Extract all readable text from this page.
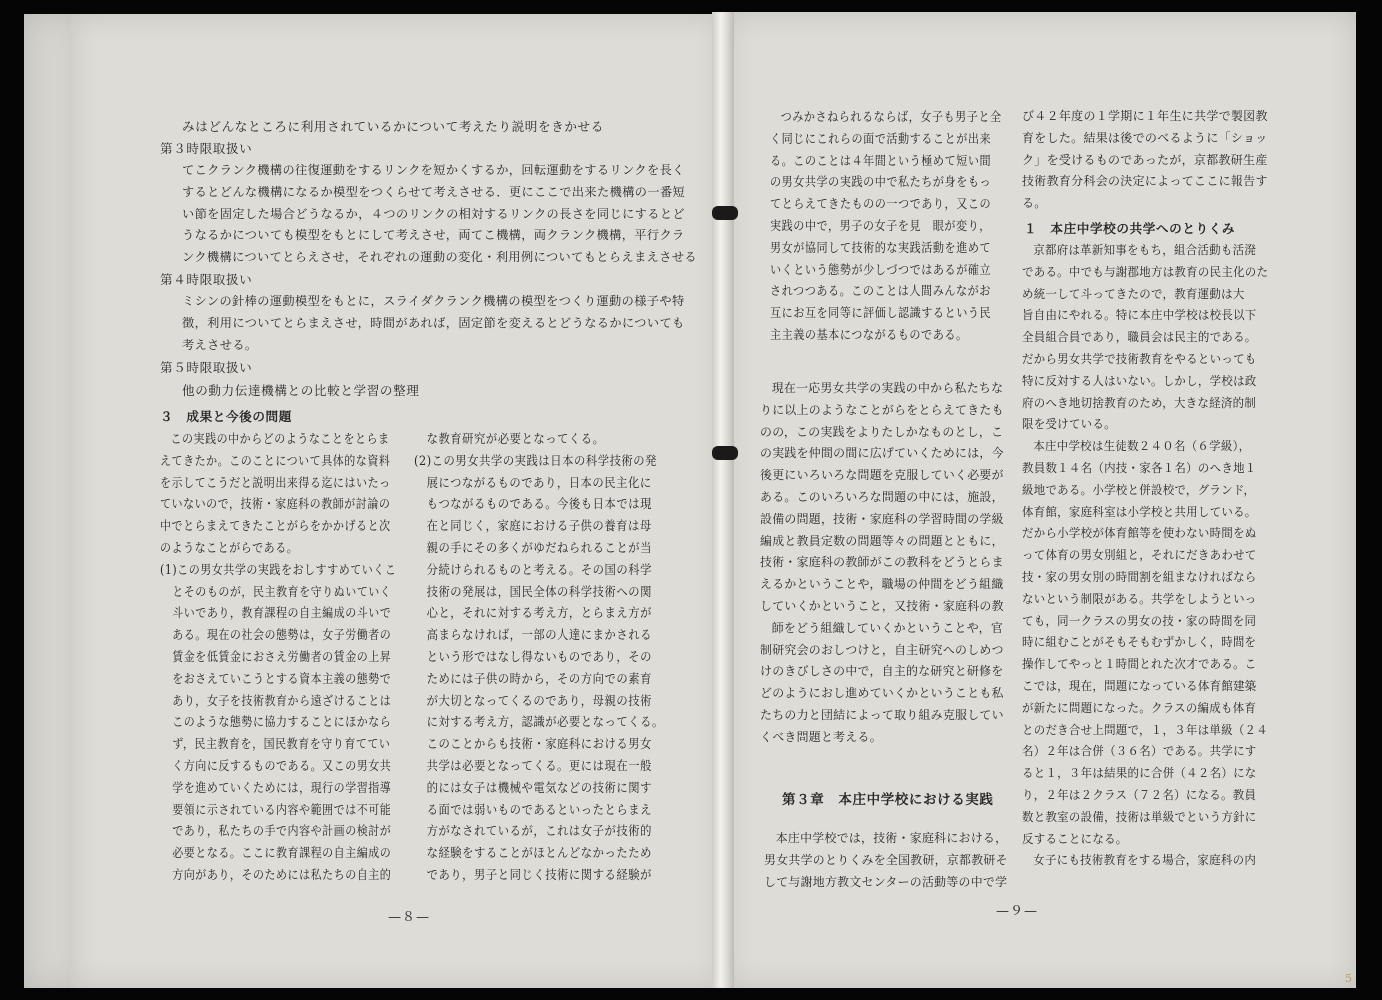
みはどんなところに利用されているかについて考えたり説明をきかせる
第３時限取扱い
てこクランク機構の往復運動をするリンクを短かくするか，回転運動をするリンクを長く
するとどんな機構になるか模型をつくらせて考えさせる．更にここで出来た機構の一番短
い節を固定した場合どうなるか，４つのリンクの相対するリンクの長さを同じにするとど
うなるかについても模型をもとにして考えさせ，両てこ機構，両クランク機構，平行クラ
ンク機構についてとらえさせ，それぞれの運動の変化・利用例についてもとらえまえさせる
第４時限取扱い
ミシンの針棒の運動模型をもとに，スライダクランク機構の模型をつくり運動の様子や特
徴，利用についてとらまえさせ，時間があれば，固定節を変えるとどうなるかについても
考えさせる。
第５時限取扱い
他の動力伝達機構との比較と学習の整理
３　成果と今後の問題
この実践の中からどのようなことをとらま
えてきたか。このことについて具体的な資料
を示してこうだと説明出来得る迄にはいたっ
ていないので，技術・家庭科の教師が討論の
中でとらまえてきたことがらをかかげると次
のようなことがらである。
(1)この男女共学の実践をおしすすめていくこ
とそのものが，民主教育を守りぬいていく
斗いであり，教育課程の自主編成の斗いで
ある。現在の社会の態勢は，女子労働者の
賃金を低賃金におさえ労働者の賃金の上昇
をおさえていこうとする資本主義の態勢で
あり，女子を技術教育から遠ざけることは
このような態勢に協力することにほかなら
ず，民主教育を，国民教育を守り育ててい
く方向に反するものである。又この男女共
学を進めていくためには，現行の学習指導
要領に示されている内容や範囲では不可能
であり，私たちの手で内容や計画の検討が
必要となる。ここに教育課程の自主編成の
方向があり，そのためには私たちの自主的
な教育研究が必要となってくる。
(2)この男女共学の実践は日本の科学技術の発
展につながるものであり，日本の民主化に
もつながるものである。今後も日本では現
在と同じく，家庭における子供の養育は母
親の手にその多くがゆだねられることが当
分続けられるものと考える。その国の科学
技術の発展は，国民全体の科学技術への関
心と，それに対する考え方，とらまえ方が
高まらなければ，一部の人達にまかされる
という形ではなし得ないものであり，その
ためには子供の時から，その方向での素育
が大切となってくるのであり，母親の技術
に対する考え方，認識が必要となってくる。
このことからも技術・家庭科における男女
共学は必要となってくる。更には現在一般
的には女子は機械や電気などの技術に関す
る面では弱いものであるといったとらまえ
方がなされているが，これは女子が技術的
な経験をすることがほとんどなかったため
であり，男子と同じく技術に関する経験が
—８—
つみかさねられるならば，女子も男子と全
く同じにこれらの面で活動することが出来
る。このことは４年間という極めて短い間
の男女共学の実践の中で私たちが身をもっ
てとらえてきたものの一つであり，又この
実践の中で，男子の女子を見　眼が変り，
男女が協同して技術的な実践活動を進めて
いくという態勢が少しづつではあるが確立
されつつある。このことは人間みんながお
互にお互を同等に評価し認識するという民
主主義の基本につながるものである。
現在一応男女共学の実践の中から私たちな
りに以上のようなことがらをとらえてきたも
のの，この実践をよりたしかなものとし，こ
の実践を仲間の間に広げていくためには，今
後更にいろいろな問題を克服していく必要が
ある。このいろいろな問題の中には，施設，
設備の問題，技術・家庭科の学習時間の学級
編成と教員定数の問題等々の問題とともに，
技術・家庭科の教師がこの教科をどうとらま
えるかということや，職場の仲間をどう組織
していくかということ，又技術・家庭科の教
師をどう組織していくかということや，官
制研究会のおしつけと，自主研究へのしめつ
けのきびしさの中で，自主的な研究と研修を
どのようにおし進めていくかということも私
たちの力と団結によって取り組み克服してい
くべき問題と考える。
第３章　本庄中学校における実践
本庄中学校では，技術・家庭科における，
男女共学のとりくみを全国教研，京都教研そ
して与謝地方教文センターの活動等の中で学
び４２年度の１学期に１年生に共学で製図教
育をした。結果は後でのべるように「ショッ
ク」を受けるものであったが，京都教研生産
技術教育分科会の決定によってここに報告す
る。
１　本庄中学校の共学へのとりくみ
京都府は革新知事をもち，組合活動も活溌
である。中でも与謝郡地方は教育の民主化のた
め統一して斗ってきたので，教育運動は大
旨自由にやれる。特に本庄中学校は校長以下
全員組合員であり，職員会は民主的である。
だから男女共学で技術教育をやるといっても
特に反対する人はいない。しかし，学校は政
府のへき地切捨教育のため，大きな経済的制
限を受けている。
本庄中学校は生徒数２４０名（６学級），
教員数１４名（内技・家各１名）のへき地１
級地である。小学校と併設校で，グランド，
体育館，家庭科室は小学校と共用している。
だから小学校が体育館等を使わない時間をぬ
って体育の男女別組と，それにだきあわせて
技・家の男女別の時間割を組まなければなら
ないという制限がある。共学をしようといっ
ても，同一クラスの男女の技・家の時間を同
時に組むことがそもそもむずかしく，時間を
操作してやっと１時間とれた次才である。こ
こでは，現在，問題になっている体育館建築
が新たに問題になった。クラスの編成も体育
とのだき合せ上問題で，１，３年は単級（２４
名）２年は合併（３６名）である。共学にす
ると１，３年は結果的に合併（４２名）にな
り，２年は２クラス（７２名）になる。教員
数と教室の設備，技術は単級でという方針に
反することになる。
女子にも技術教育をする場合，家庭科の内
—９—
5
